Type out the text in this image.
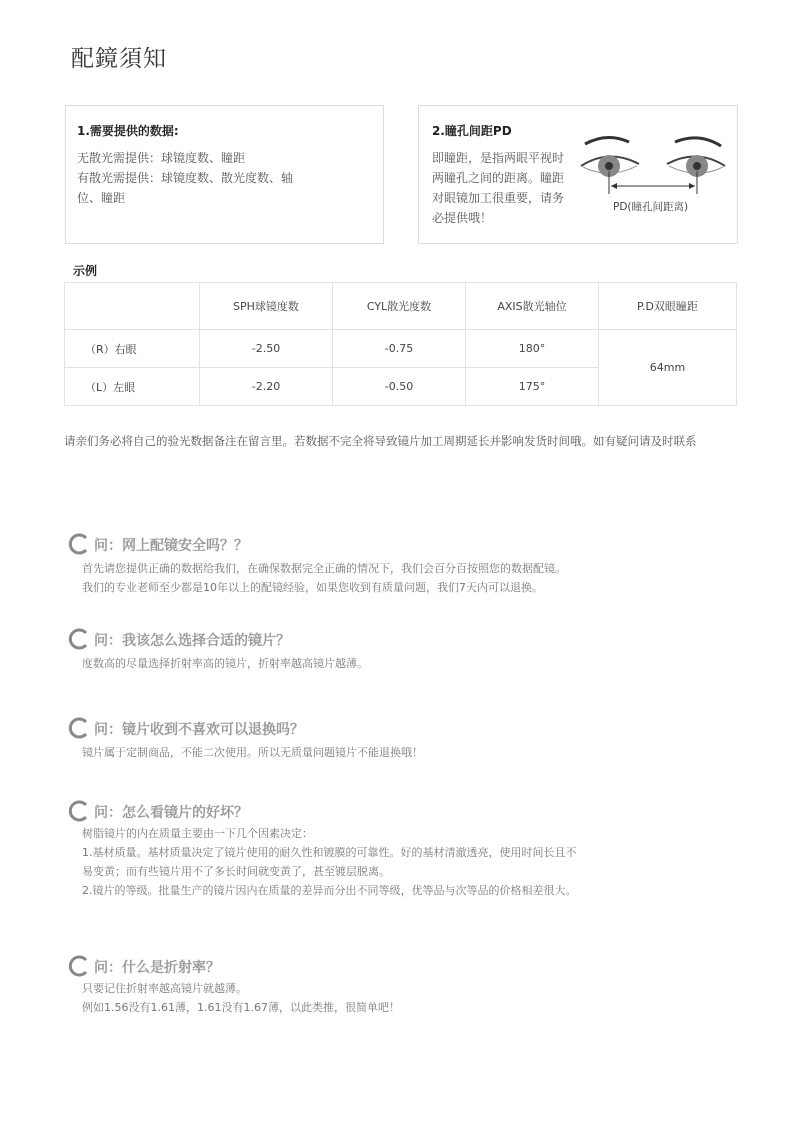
配鏡須知
1.需要提供的数据:
无散光需提供：球镜度数、瞳距
有散光需提供：球镜度数、散光度数、轴
位、瞳距
2.瞳孔间距PD
即瞳距，是指两眼平视时
两瞳孔之间的距离。瞳距
对眼镜加工很重要，请务
必提供哦！
PD(瞳孔间距离)
示例
	SPH球镜度数	CYL散光度数	AXIS散光轴位	P.D双眼瞳距
（R）右眼	-2.50	-0.75	180°	64mm
（L）左眼	-2.20	-0.50	175°	
请亲们务必将自己的验光数据备注在留言里。若数据不完全将导致镜片加工周期延长并影响发货时间哦。如有疑问请及时联系
问：网上配镜安全吗？？
首先请您提供正确的数据给我们，在确保数据完全正确的情况下，我们会百分百按照您的数据配镜。
我们的专业老师至少都是10年以上的配镜经验，如果您收到有质量问题，我们7天内可以退换。
问：我该怎么选择合适的镜片？
度数高的尽量选择折射率高的镜片，折射率越高镜片越薄。
问：镜片收到不喜欢可以退换吗？
镜片属于定制商品，不能二次使用。所以无质量问题镜片不能退换哦！
问：怎么看镜片的好坏？
树脂镜片的内在质量主要由一下几个因素决定：
1.基材质量。基材质量决定了镜片使用的耐久性和镀膜的可靠性。好的基材清澈透亮，使用时间长且不
易变黄；而有些镜片用不了多长时间就变黄了，甚至镀层脱离。
2.镜片的等级。批量生产的镜片因内在质量的差异而分出不同等级，优等品与次等品的价格相差很大。
问：什么是折射率？
只要记住折射率越高镜片就越薄。
例如1.56没有1.61薄，1.61没有1.67薄，以此类推，很简单吧！
